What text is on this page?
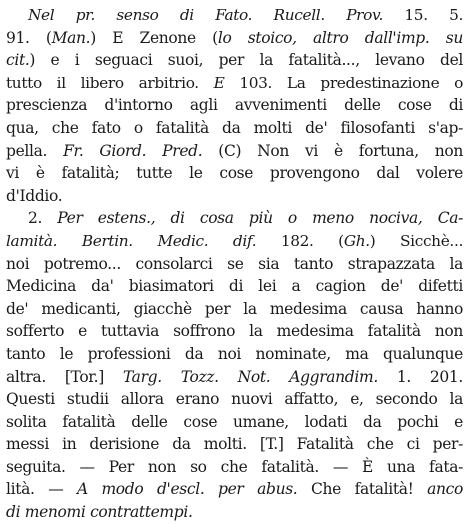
Nel pr. senso di Fato. Rucell. Prov. 15. 5.
91. (Man.) E Zenone (lo stoico, altro dall'imp. su
cit.) e i seguaci suoi, per la fatalità..., levano del
tutto il libero arbitrio. E 103. La predestinazione o
prescienza d'intorno agli avvenimenti delle cose di
qua, che fato o fatalità da molti de' filosofanti s'ap-
pella. Fr. Giord. Pred. (C) Non vi è fortuna, non
vi è fatalità; tutte le cose provengono dal volere
d'Iddio.
2. Per estens., di cosa più o meno nociva, Ca-
lamità. Bertin. Medic. dif. 182. (Gh.) Sicchè...
noi potremo... consolarci se sia tanto strapazzata la
Medicina da' biasimatori di lei a cagion de' difetti
de' medicanti, giacchè per la medesima causa hanno
sofferto e tuttavia soffrono la medesima fatalità non
tanto le professioni da noi nominate, ma qualunque
altra. [Tor.] Targ. Tozz. Not. Aggrandim. 1. 201.
Questi studii allora erano nuovi affatto, e, secondo la
solita fatalità delle cose umane, lodati da pochi e
messi in derisione da molti. [T.] Fatalità che ci per-
seguita. — Per non so che fatalità. — È una fata-
lità. — A modo d'escl. per abus. Che fatalità! anco
di menomi contrattempi.
